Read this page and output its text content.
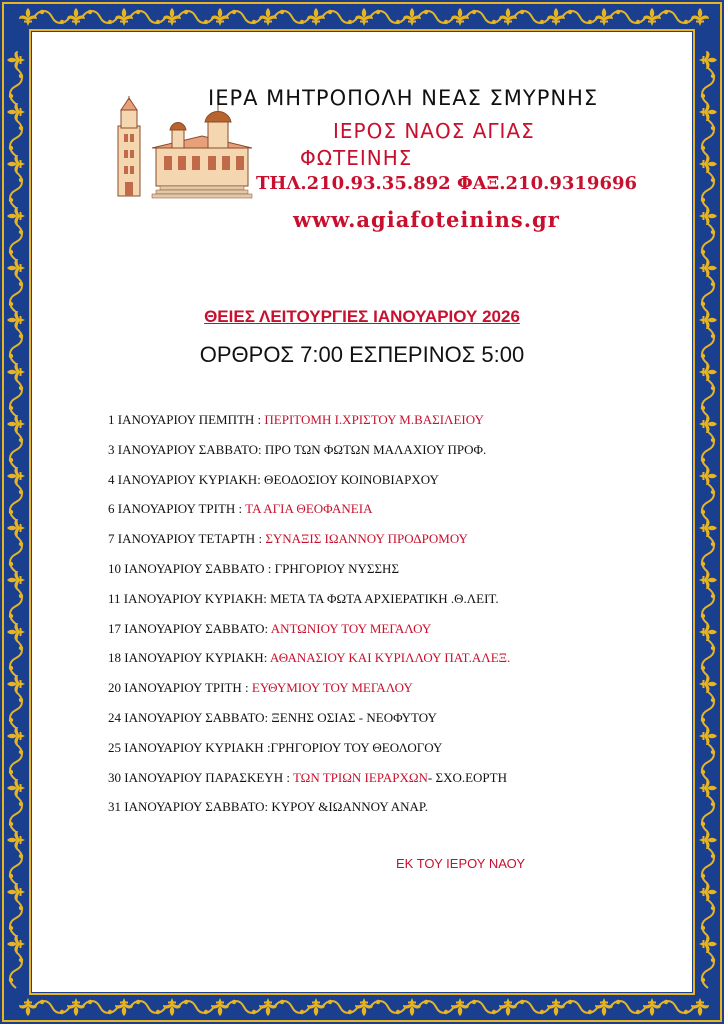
ΙΕΡΑ ΜΗΤΡΟΠΟΛΗ ΝΕΑΣ ΣΜΥΡΝΗΣ
ΙΕΡΟΣ ΝΑΟΣ ΑΓΙΑΣ
ΦΩΤΕΙΝΗΣ
ΤΗΛ.210.93.35.892 ΦΑΞ.210.9319696
www.agiafoteinins.gr
ΘΕΙΕΣ ΛΕΙΤΟΥΡΓΙΕΣ ΙΑΝΟΥΑΡΙΟΥ 2026
ΟΡΘΡΟΣ 7:00 ΕΣΠΕΡΙΝΟΣ 5:00
1 ΙΑΝΟΥΑΡΙΟΥ ΠΕΜΠΤΗ : ΠΕΡΙΤΟΜΗ Ι.ΧΡΙΣΤΟΥ Μ.ΒΑΣΙΛΕΙΟΥ
3 ΙΑΝΟΥΑΡΙΟΥ ΣΑΒΒΑΤΟ: ΠΡΟ ΤΩΝ ΦΩΤΩΝ ΜΑΛΑΧΙΟΥ ΠΡΟΦ.
4 ΙΑΝΟΥΑΡΙΟΥ ΚΥΡΙΑΚΗ: ΘΕΟΔΟΣΙΟΥ ΚΟΙΝΟΒΙΑΡΧΟΥ
6 ΙΑΝΟΥΑΡΙΟΥ ΤΡΙΤΗ : ΤΑ ΑΓΙΑ ΘΕΟΦΑΝΕΙΑ
7 ΙΑΝΟΥΑΡΙΟΥ ΤΕΤΑΡΤΗ : ΣΥΝΑΞΙΣ ΙΩΑΝΝΟΥ ΠΡΟΔΡΟΜΟΥ
10 ΙΑΝΟΥΑΡΙΟΥ ΣΑΒΒΑΤΟ : ΓΡΗΓΟΡΙΟΥ ΝΥΣΣΗΣ
11 ΙΑΝΟΥΑΡΙΟΥ ΚΥΡΙΑΚΗ: ΜΕΤΑ ΤΑ ΦΩΤΑ ΑΡΧΙΕΡΑΤΙΚΗ .Θ.ΛΕΙΤ.
17 ΙΑΝΟΥΑΡΙΟΥ ΣΑΒΒΑΤΟ: ΑΝΤΩΝΙΟΥ ΤΟΥ ΜΕΓΑΛΟΥ
18 ΙΑΝΟΥΑΡΙΟΥ ΚΥΡΙΑΚΗ: ΑΘΑΝΑΣΙΟΥ ΚΑΙ ΚΥΡΙΛΛΟΥ ΠΑΤ.ΑΛΕΞ.
20 ΙΑΝΟΥΑΡΙΟΥ ΤΡΙΤΗ : ΕΥΘΥΜΙΟΥ ΤΟΥ ΜΕΓΑΛΟΥ
24 ΙΑΝΟΥΑΡΙΟΥ ΣΑΒΒΑΤΟ: ΞΕΝΗΣ ΟΣΙΑΣ - ΝΕΟΦΥΤΟΥ
25 ΙΑΝΟΥΑΡΙΟΥ ΚΥΡΙΑΚΗ :ΓΡΗΓΟΡΙΟΥ ΤΟΥ ΘΕΟΛΟΓΟΥ
30 ΙΑΝΟΥΑΡΙΟΥ ΠΑΡΑΣΚΕΥΗ : ΤΩΝ ΤΡΙΩΝ ΙΕΡΑΡΧΩΝ- ΣΧΟ.ΕΟΡΤΗ
31 ΙΑΝΟΥΑΡΙΟΥ ΣΑΒΒΑΤΟ: ΚΥΡΟΥ &ΙΩΑΝΝΟΥ ΑΝΑΡ.
ΕΚ ΤΟΥ ΙΕΡΟΥ ΝΑΟΥ
